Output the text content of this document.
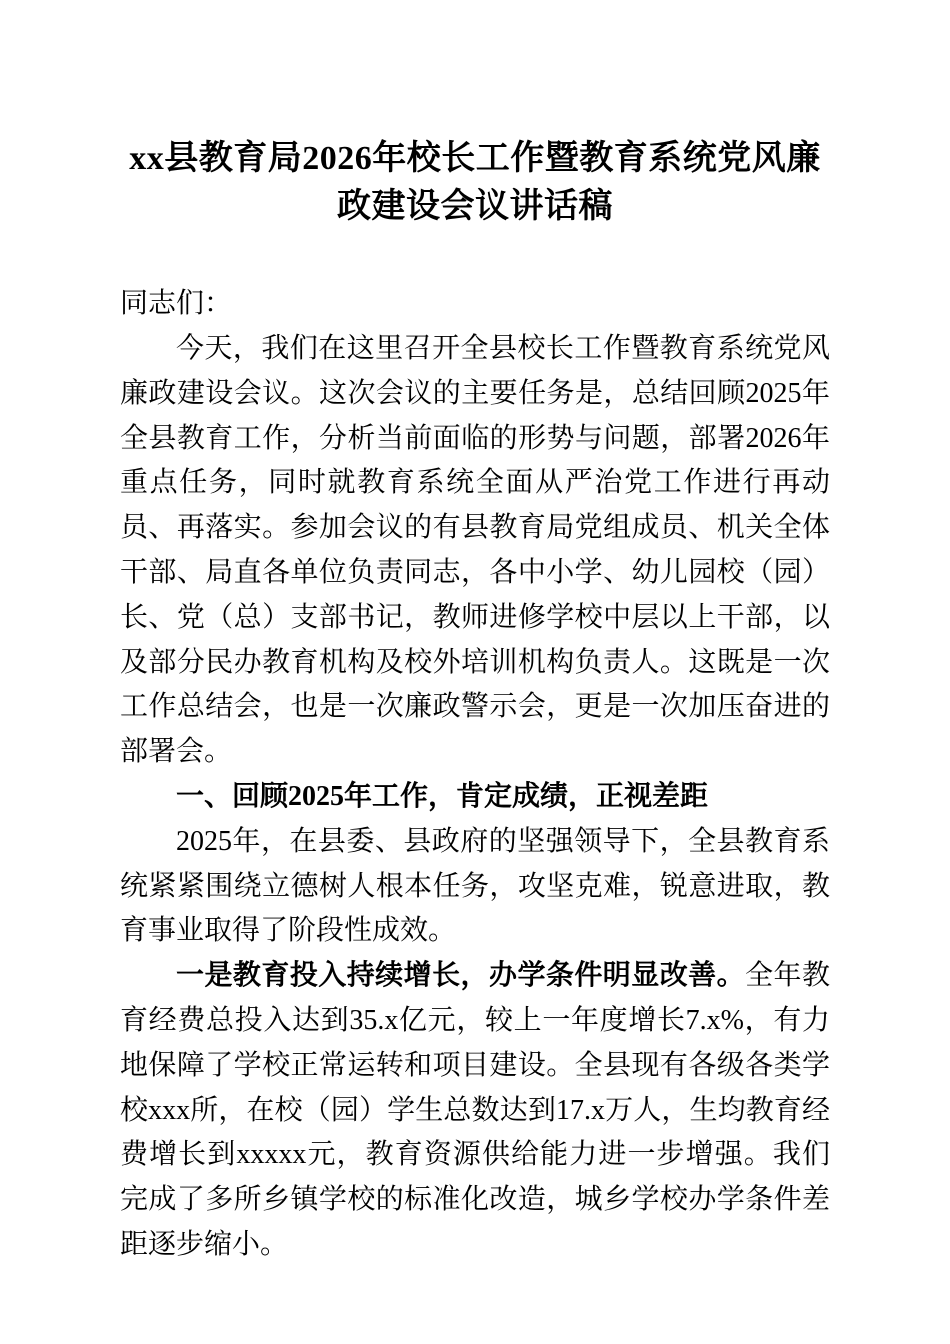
xx县教育局2026年校长工作暨教育系统党风廉政建设会议讲话稿

同志们：

今天，我们在这里召开全县校长工作暨教育系统党风廉政建设会议。这次会议的主要任务是，总结回顾2025年全县教育工作，分析当前面临的形势与问题，部署2026年重点任务，同时就教育系统全面从严治党工作进行再动员、再落实。参加会议的有县教育局党组成员、机关全体干部、局直各单位负责同志，各中小学、幼儿园校（园）长、党（总）支部书记，教师进修学校中层以上干部，以及部分民办教育机构及校外培训机构负责人。这既是一次工作总结会，也是一次廉政警示会，更是一次加压奋进的部署会。

一、回顾2025年工作，肯定成绩，正视差距

2025年，在县委、县政府的坚强领导下，全县教育系统紧紧围绕立德树人根本任务，攻坚克难，锐意进取，教育事业取得了阶段性成效。

一是教育投入持续增长，办学条件明显改善。全年教育经费总投入达到35.x亿元，较上一年度增长7.x%，有力地保障了学校正常运转和项目建设。全县现有各级各类学校xxx所，在校（园）学生总数达到17.x万人，生均教育经费增长到xxxxx元，教育资源供给能力进一步增强。我们完成了多所乡镇学校的标准化改造，城乡学校办学条件差距逐步缩小。
